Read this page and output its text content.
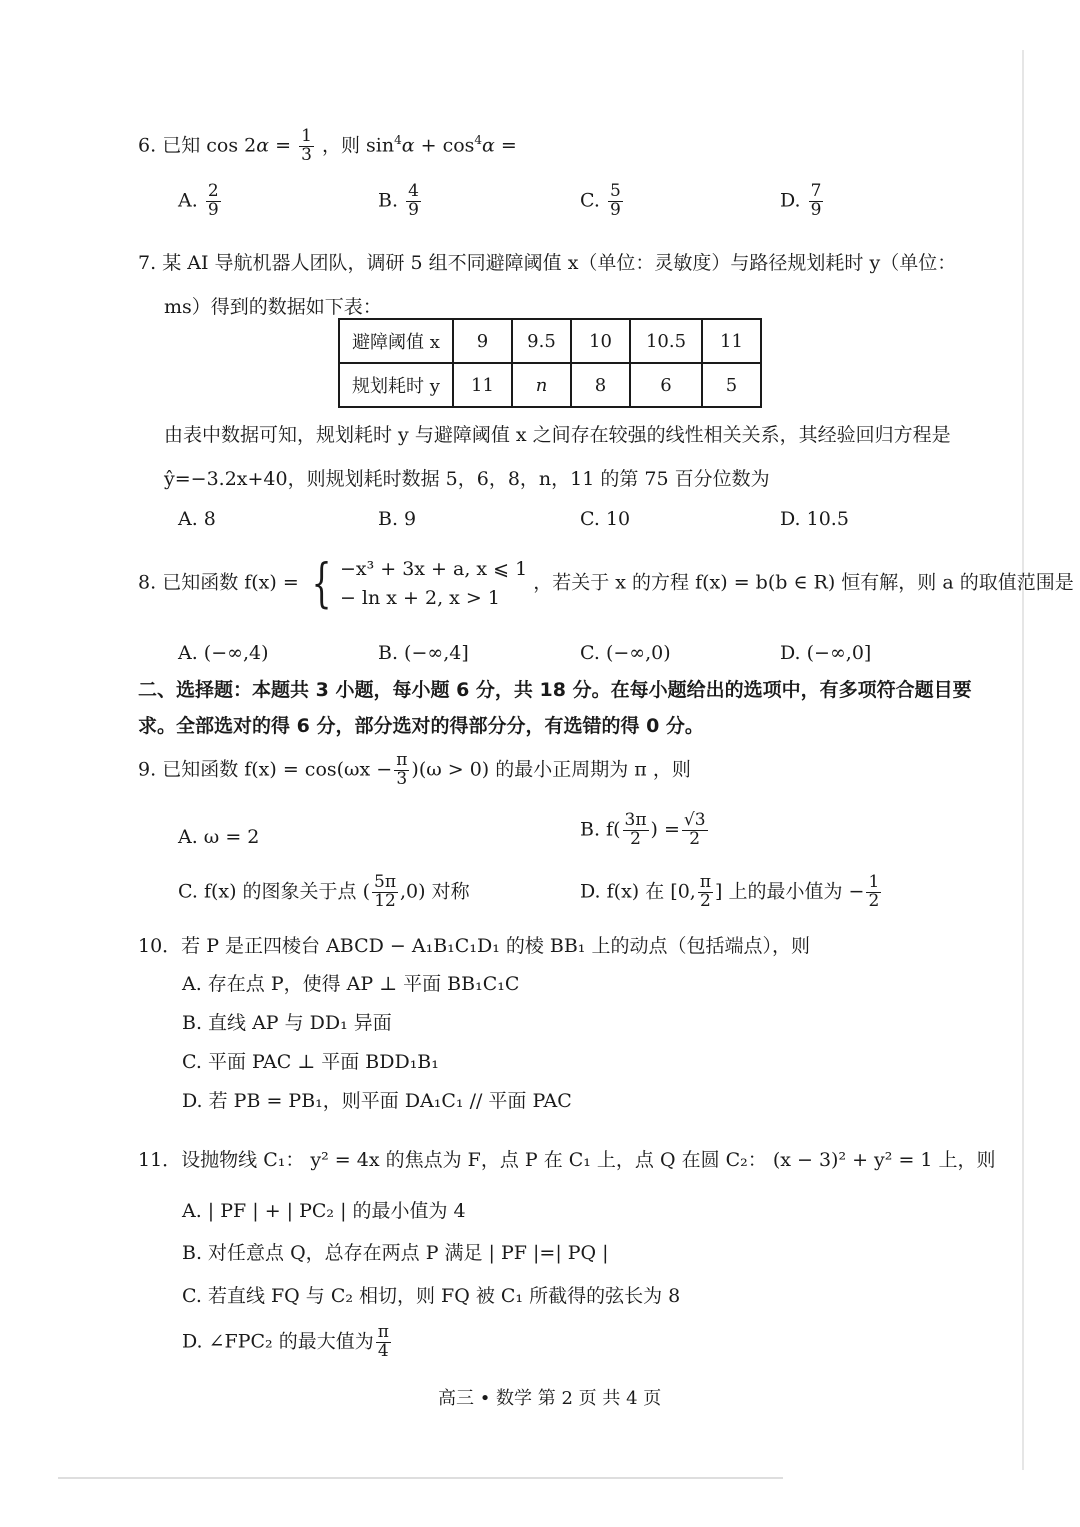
6. 已知 $\cos 2\alpha = \frac{1}{3}$ ，则 $\sin^4\alpha + \cos^4\alpha$ =
A. $\frac{2}{9}$	B. $\frac{4}{9}$	C. $\frac{5}{9}$	D. $\frac{7}{9}$
7. 某 AI 导航机器人团队，调研 5 组不同避障阈值 x（单位：灵敏度）与路径规划耗时 y（单位：
ms）得到的数据如下表：
避障阈值 x	9	9.5	10	10.5	11
规划耗时 y	11	n	8	6	5
由表中数据可知，规划耗时 y 与避障阈值 x 之间存在较强的线性相关关系，其经验回归方程是
ŷ=−3.2x+40，则规划耗时数据 5，6，8，n，11 的第 75 百分位数为
A. 8	B. 9	C. 10	D. 10.5
8. 已知函数 f(x) = { −x³ + 3x + a, x ⩽ 1
− ln x + 2, x > 1
，若关于 x 的方程 f(x) = b(b ∈ R) 恒有解，则 a 的取值范围是
A. (−∞,4)	B. (−∞,4]	C. (−∞,0)	D. (−∞,0]
二、选择题：本题共 3 小题，每小题 6 分，共 18 分。在每小题给出的选项中，有多项符合题目要
求。全部选对的得 6 分，部分选对的得部分分，有选错的得 0 分。
9. 已知函数 $f(x) = \cos(\omega x - \frac{\pi}{3} )(\omega > 0)$ 的最小正周期为 π ，则
A. ω = 2	B. $f( \frac{3\pi}{2}$ ) = $\frac{√3}{2}$
C. f(x) 的图象关于点 ( $\frac{5\pi}{12} ,0$) 对称	D. f(x) 在 [0, $\frac{\pi}{2}$ ] 上的最小值为 − $\frac{1}{2}$
10．若 P 是正四棱台 ABCD − A₁B₁C₁D₁ 的棱 BB₁ 上的动点（包括端点），则
A. 存在点 P，使得 AP ⊥ 平面 BB₁C₁C
B. 直线 AP 与 DD₁ 异面
C. 平面 PAC ⊥ 平面 BDD₁B₁
D. 若 PB = PB₁，则平面 DA₁C₁ // 平面 PAC
11．设抛物线 C₁： y² = 4x 的焦点为 F，点 P 在 C₁ 上，点 Q 在圆 C₂： (x − 3)² + y² = 1 上，则
A. | PF | + | PC₂ | 的最小值为 4
B. 对任意点 Q，总存在两点 P 满足 | PF |=| PQ |
C. 若直线 FQ 与 C₂ 相切，则 FQ 被 C₁ 所截得的弦长为 8
D. ∠FPC₂ 的最大值为 $\frac{\pi}{4}$
高三 • 数学 第 2 页 共 4 页
